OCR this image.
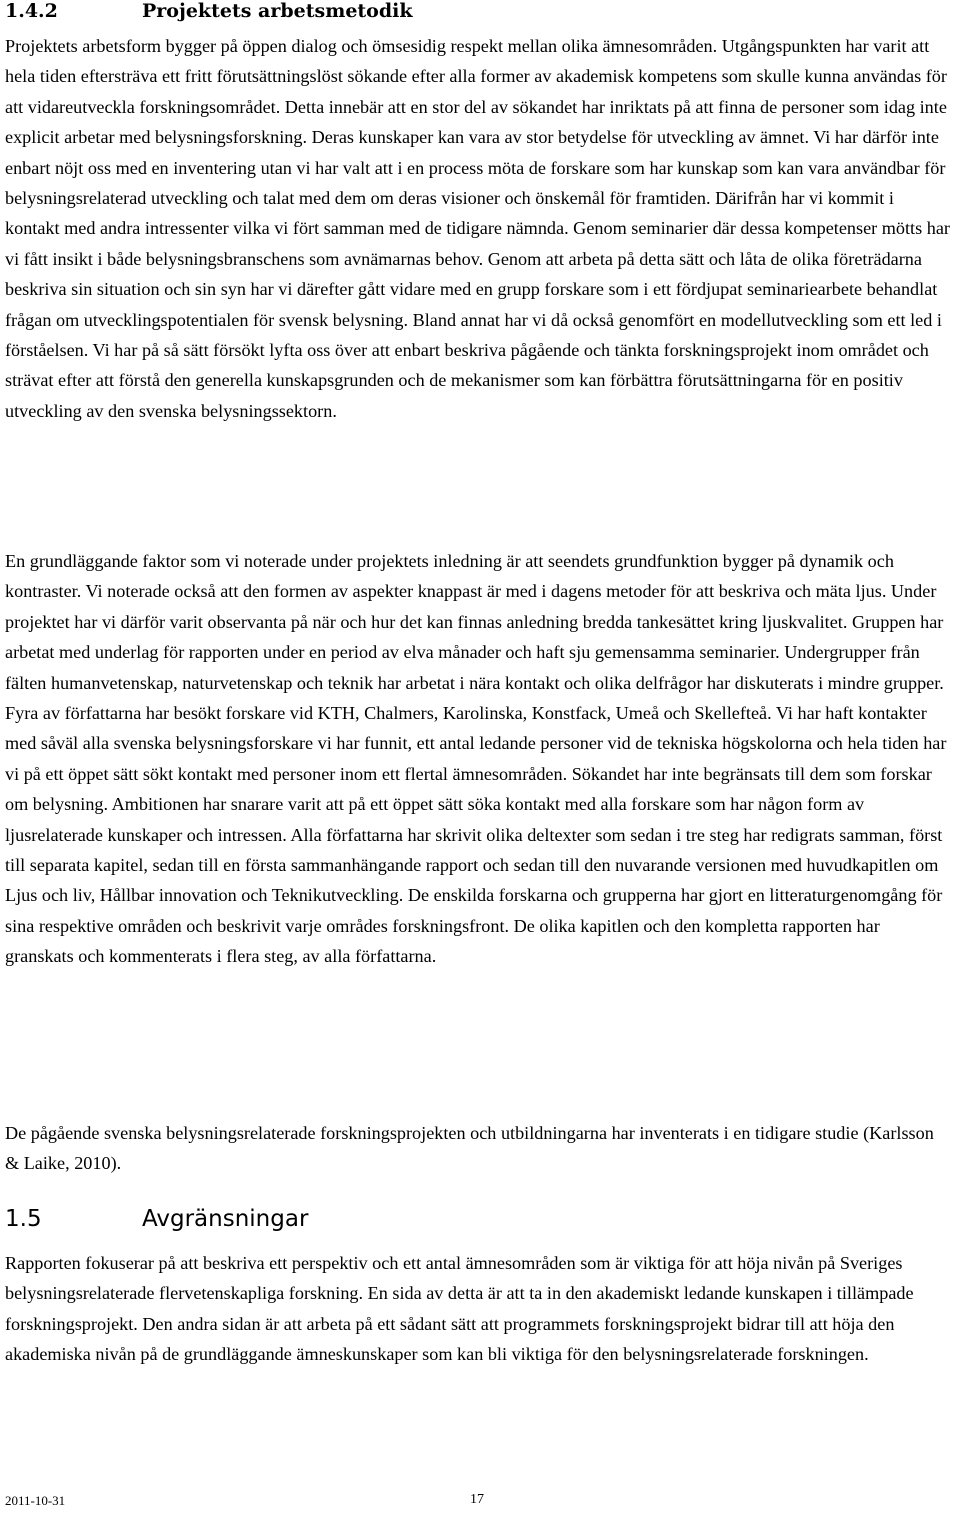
1.4.2	Projektets arbetsmetodik

Projektets arbetsform bygger på öppen dialog och ömsesidig respekt mellan olika ämnesområden. Utgångspunkten har varit att hela tiden eftersträva ett fritt förutsättningslöst sökande efter alla former av akademisk kompetens som skulle kunna användas för att vidareutveckla forskningsområdet. Detta innebär att en stor del av sökandet har inriktats på att finna de personer som idag inte explicit arbetar med belysningsforskning. Deras kunskaper kan vara av stor betydelse för utveckling av ämnet. Vi har därför inte enbart nöjt oss med en inventering utan vi har valt att i en process möta de forskare som har kunskap som kan vara användbar för belysningsrelaterad utveckling och talat med dem om deras visioner och önskemål för framtiden. Därifrån har vi kommit i kontakt med andra intressenter vilka vi fört samman med de tidigare nämnda. Genom seminarier där dessa kompetenser mötts har vi fått insikt i både belysningsbranschens som avnämarnas behov. Genom att arbeta på detta sätt och låta de olika företrädarna beskriva sin situation och sin syn har vi därefter gått vidare med en grupp forskare som i ett fördjupat seminariearbete behandlat frågan om utvecklingspotentialen för svensk belysning. Bland annat har vi då också genomfört en modellutveckling som ett led i förståelsen. Vi har på så sätt försökt lyfta oss över att enbart beskriva pågående och tänkta forskningsprojekt inom området och strävat efter att förstå den generella kunskapsgrunden och de mekanismer som kan förbättra förutsättningarna för en positiv utveckling av den svenska belysningssektorn.

En grundläggande faktor som vi noterade under projektets inledning är att seendets grundfunktion bygger på dynamik och kontraster. Vi noterade också att den formen av aspekter knappast är med i dagens metoder för att beskriva och mäta ljus. Under projektet har vi därför varit observanta på när och hur det kan finnas anledning bredda tankesättet kring ljuskvalitet. Gruppen har arbetat med underlag för rapporten under en period av elva månader och haft sju gemensamma seminarier. Undergrupper från fälten humanvetenskap, naturvetenskap och teknik har arbetat i nära kontakt och olika delfrågor har diskuterats i mindre grupper. Fyra av författarna har besökt forskare vid KTH, Chalmers, Karolinska, Konstfack, Umeå och Skellefteå. Vi har haft kontakter med såväl alla svenska belysningsforskare vi har funnit, ett antal ledande personer vid de tekniska högskolorna och hela tiden har vi på ett öppet sätt sökt kontakt med personer inom ett flertal ämnesområden. Sökandet har inte begränsats till dem som forskar om belysning. Ambitionen har snarare varit att på ett öppet sätt söka kontakt med alla forskare som har någon form av ljusrelaterade kunskaper och intressen. Alla författarna har skrivit olika deltexter som sedan i tre steg har redigrats samman, först till separata kapitel, sedan till en första sammanhängande rapport och sedan till den nuvarande versionen med huvudkapitlen om Ljus och liv, Hållbar innovation och Teknikutveckling. De enskilda forskarna och grupperna har gjort en litteraturgenomgång för sina respektive områden och beskrivit varje områdes forskningsfront. De olika kapitlen och den kompletta rapporten har granskats och kommenterats i flera steg, av alla författarna.

De pågående svenska belysningsrelaterade forskningsprojekten och utbildningarna har inventerats i en tidigare studie (Karlsson & Laike, 2010).

1.5	Avgränsningar

Rapporten fokuserar på att beskriva ett perspektiv och ett antal ämnesområden som är viktiga för att höja nivån på Sveriges belysningsrelaterade flervetenskapliga forskning. En sida av detta är att ta in den akademiskt ledande kunskapen i tillämpade forskningsprojekt. Den andra sidan är att arbeta på ett sådant sätt att programmets forskningsprojekt bidrar till att höja den akademiska nivån på de grundläggande ämneskunskaper som kan bli viktiga för den belysningsrelaterade forskningen.

2011-10-31	17
